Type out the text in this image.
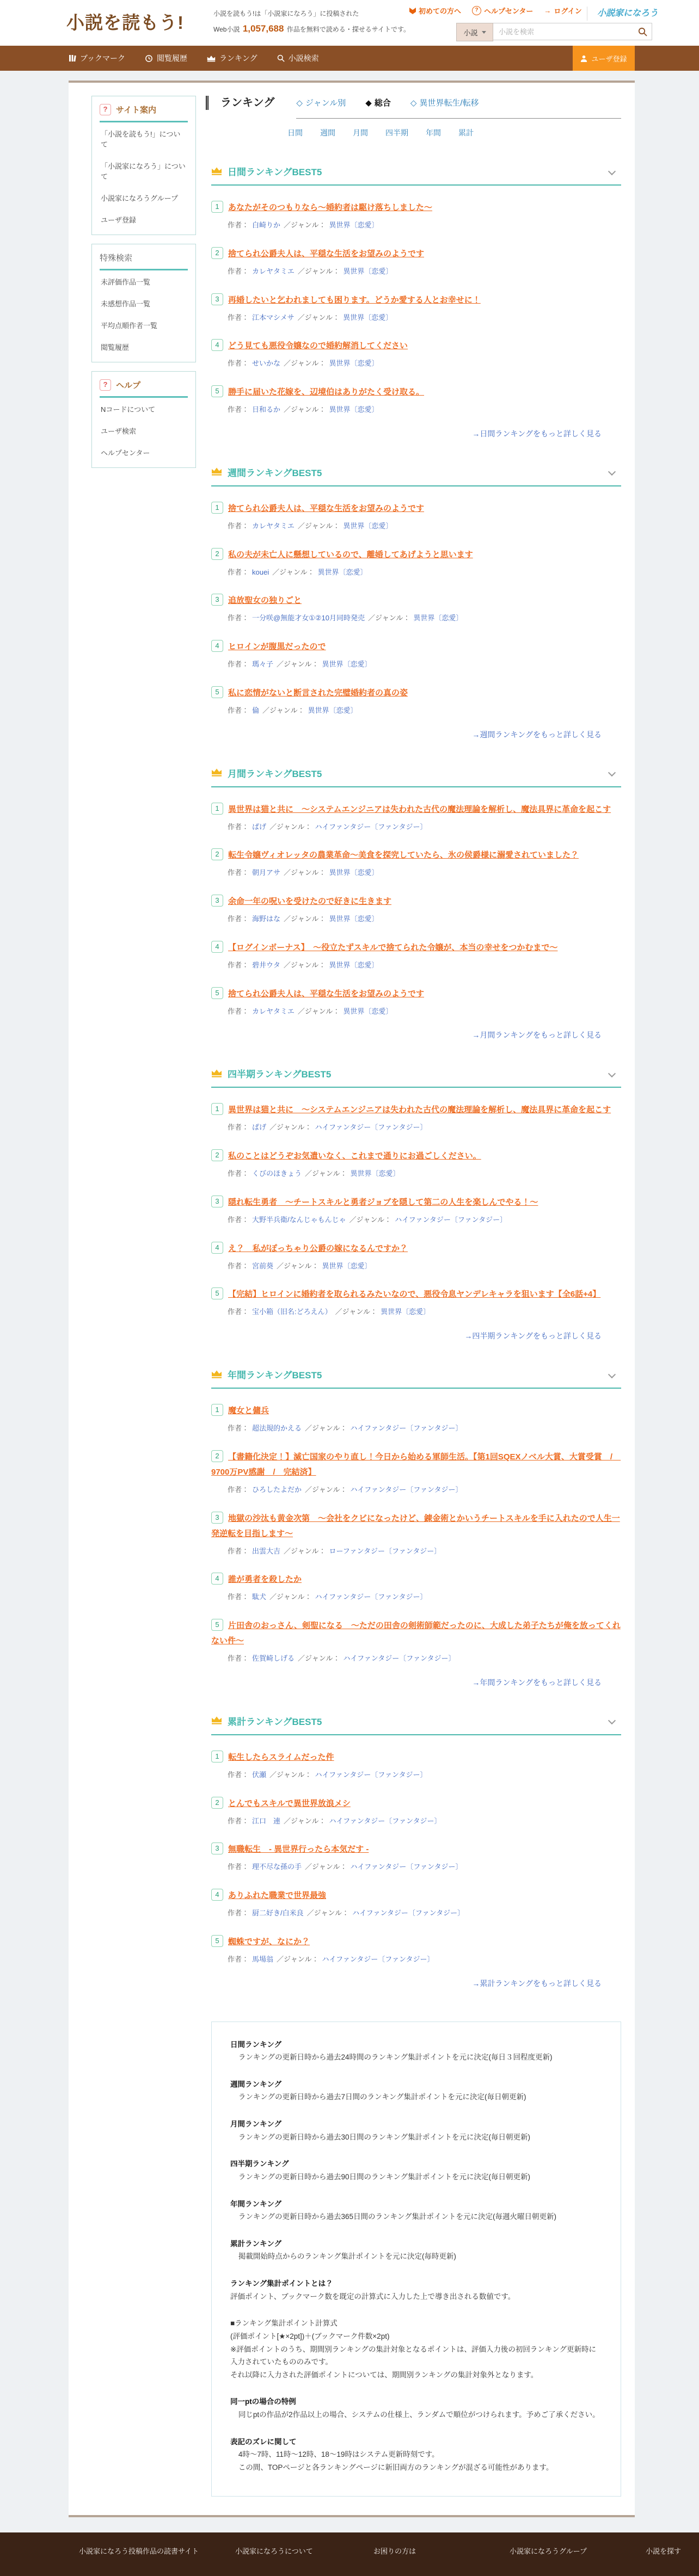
小説を読もう!	小説を読もう!は「小説家になろう」に投稿された
Web小説 1,057,688 作品を無料で読める・探せるサイトです。
初めての方へ	? ヘルプセンター → ログイン	小説家になろう
小説
小説を検索
ブックマーク	閲覧履歴	ランキング	小説検索	ユーザ登録
?	サイト案内
「小説を読もう!」について
「小説家になろう」について
小説家になろうグループ
ユーザ登録
特殊検索
未評価作品一覧
未感想作品一覧
平均点順作者一覧
閲覧履歴
?	ヘルプ
Nコードについて
ユーザ検索
ヘルプセンター
ランキング	◇ ジャンル別 ◆ 総合 ◇ 異世界転生/転移
日間 週間 月間 四半期 年間 累計
日間ランキングBEST5
1 あなたがそのつもりなら～婚約者は駆け落ちしました～
作者： 白崎りか ／ジャンル： 異世界〔恋愛〕
2 捨てられ公爵夫人は、平穏な生活をお望みのようです
作者： カレヤタミエ ／ジャンル： 異世界〔恋愛〕
3 再婚したいと乞われましても困ります。どうか愛する人とお幸せに！
作者： 江本マシメサ ／ジャンル： 異世界〔恋愛〕
4 どう見ても悪役令嬢なので婚約解消してください
作者： せいかな ／ジャンル： 異世界〔恋愛〕
5 勝手に届いた花嫁を、辺境伯はありがたく受け取る。
作者： 日和るか ／ジャンル： 異世界〔恋愛〕
→日間ランキングをもっと詳しく見る
週間ランキングBEST5
1 捨てられ公爵夫人は、平穏な生活をお望みのようです
作者： カレヤタミエ ／ジャンル： 異世界〔恋愛〕
2 私の夫が未亡人に懸想しているので、離婚してあげようと思います
作者： kouei ／ジャンル： 異世界〔恋愛〕
3 追放聖女の独りごと
作者： 一分咲@無能才女①②10月同時発売 ／ジャンル： 異世界〔恋愛〕
4 ヒロインが腹黒だったので
作者： 瑪々子 ／ジャンル： 異世界〔恋愛〕
5 私に恋情がないと断言された完璧婚約者の真の姿
作者： 倫 ／ジャンル： 異世界〔恋愛〕
→週間ランキングをもっと詳しく見る
月間ランキングBEST5
1 異世界は猫と共に　～システムエンジニアは失われた古代の魔法理論を解析し、魔法具界に革命を起こす
作者： ぱげ ／ジャンル： ハイファンタジー〔ファンタジー〕
2 転生令嬢ヴィオレッタの農業革命～美食を探究していたら、氷の侯爵様に溺愛されていました？
作者： 朝月アサ ／ジャンル： 異世界〔恋愛〕
3 余命一年の呪いを受けたので好きに生きます
作者： 海野はな ／ジャンル： 異世界〔恋愛〕
4 【ログインボーナス】　～役立たずスキルで捨てられた令嬢が、本当の幸せをつかむまで～
作者： 碧井ウタ ／ジャンル： 異世界〔恋愛〕
5 捨てられ公爵夫人は、平穏な生活をお望みのようです
作者： カレヤタミエ ／ジャンル： 異世界〔恋愛〕
→月間ランキングをもっと詳しく見る
四半期ランキングBEST5
1 異世界は猫と共に　～システムエンジニアは失われた古代の魔法理論を解析し、魔法具界に革命を起こす
作者： ぱげ ／ジャンル： ハイファンタジー〔ファンタジー〕
2 私のことはどうぞお気遣いなく、これまで通りにお過ごしください。
作者： くびのほきょう ／ジャンル： 異世界〔恋愛〕
3 隠れ転生勇者　～チートスキルと勇者ジョブを隠して第二の人生を楽しんでやる！～
作者： 大野半兵衛/なんじゃもんじゃ ／ジャンル： ハイファンタジー〔ファンタジー〕
4 え？　私がぽっちゃり公爵の嫁になるんですか？
作者： 宮前葵 ／ジャンル： 異世界〔恋愛〕
5 【完結】ヒロインに婚約者を取られるみたいなので、悪役令息ヤンデレキャラを狙います【全6話+4】
作者： 宝小箱（旧名:どろえん） ／ジャンル： 異世界〔恋愛〕
→四半期ランキングをもっと詳しく見る
年間ランキングBEST5
1 魔女と傭兵
作者： 超法規的かえる ／ジャンル： ハイファンタジー〔ファンタジー〕
2 【書籍化決定！】滅亡国家のやり直し！今日から始める軍師生活。【第1回SQEXノベル大賞、大賞受賞　/　9700万PV感謝　/　完結済】
作者： ひろしたよだか ／ジャンル： ハイファンタジー〔ファンタジー〕
3 地獄の沙汰も黄金次第　～会社をクビになったけど、錬金術とかいうチートスキルを手に入れたので人生一発逆転を目指します～
作者： 出雲大吉 ／ジャンル： ローファンタジー〔ファンタジー〕
4 誰が勇者を殺したか
作者： 駄犬 ／ジャンル： ハイファンタジー〔ファンタジー〕
5 片田舎のおっさん、剣聖になる　～ただの田舎の剣術師範だったのに、大成した弟子たちが俺を放ってくれない件～
作者： 佐賀崎しげる ／ジャンル： ハイファンタジー〔ファンタジー〕
→年間ランキングをもっと詳しく見る
累計ランキングBEST5
1 転生したらスライムだった件
作者： 伏瀬 ／ジャンル： ハイファンタジー〔ファンタジー〕
2 とんでもスキルで異世界放浪メシ
作者： 江口　連 ／ジャンル： ハイファンタジー〔ファンタジー〕
3 無職転生　- 異世界行ったら本気だす -
作者： 理不尽な孫の手 ／ジャンル： ハイファンタジー〔ファンタジー〕
4 ありふれた職業で世界最強
作者： 厨二好き/白米良 ／ジャンル： ハイファンタジー〔ファンタジー〕
5 蜘蛛ですが、なにか？
作者： 馬場翁 ／ジャンル： ハイファンタジー〔ファンタジー〕
→累計ランキングをもっと詳しく見る
日間ランキング
ランキングの更新日時から過去24時間のランキング集計ポイントを元に決定(毎日３回程度更新)
週間ランキング
ランキングの更新日時から過去7日間のランキング集計ポイントを元に決定(毎日朝更新)
月間ランキング
ランキングの更新日時から過去30日間のランキング集計ポイントを元に決定(毎日朝更新)
四半期ランキング
ランキングの更新日時から過去90日間のランキング集計ポイントを元に決定(毎日朝更新)
年間ランキング
ランキングの更新日時から過去365日間のランキング集計ポイントを元に決定(毎週火曜日朝更新)
累計ランキング
掲載開始時点からのランキング集計ポイントを元に決定(毎時更新)
ランキング集計ポイントとは？
評価ポイント、ブックマーク数を既定の計算式に入力した上で導き出される数値です。
■ランキング集計ポイント計算式
(評価ポイント[★×2pt])＋(ブックマーク件数×2pt)
※評価ポイントのうち、期間別ランキングの集計対象となるポイントは、評価入力後の初回ランキング更新時に入力されていたもののみです。
それ以降に入力された評価ポイントについては、期間別ランキングの集計対象外となります。
同一ptの場合の特例
同じptの作品が2作品以上の場合、システムの仕様上、ランダムで順位がつけられます。予めご了承ください。
表記のズレに関して
4時～7時、11時～12時、18～19時はシステム更新時刻です。
この間、TOPページと各ランキングページに新旧両方のランキングが混ざる可能性があります。
小説家になろう投稿作品の読書サイト	小説家になろうについて	お困りの方は	小説家になろうグループ	小説を探す
